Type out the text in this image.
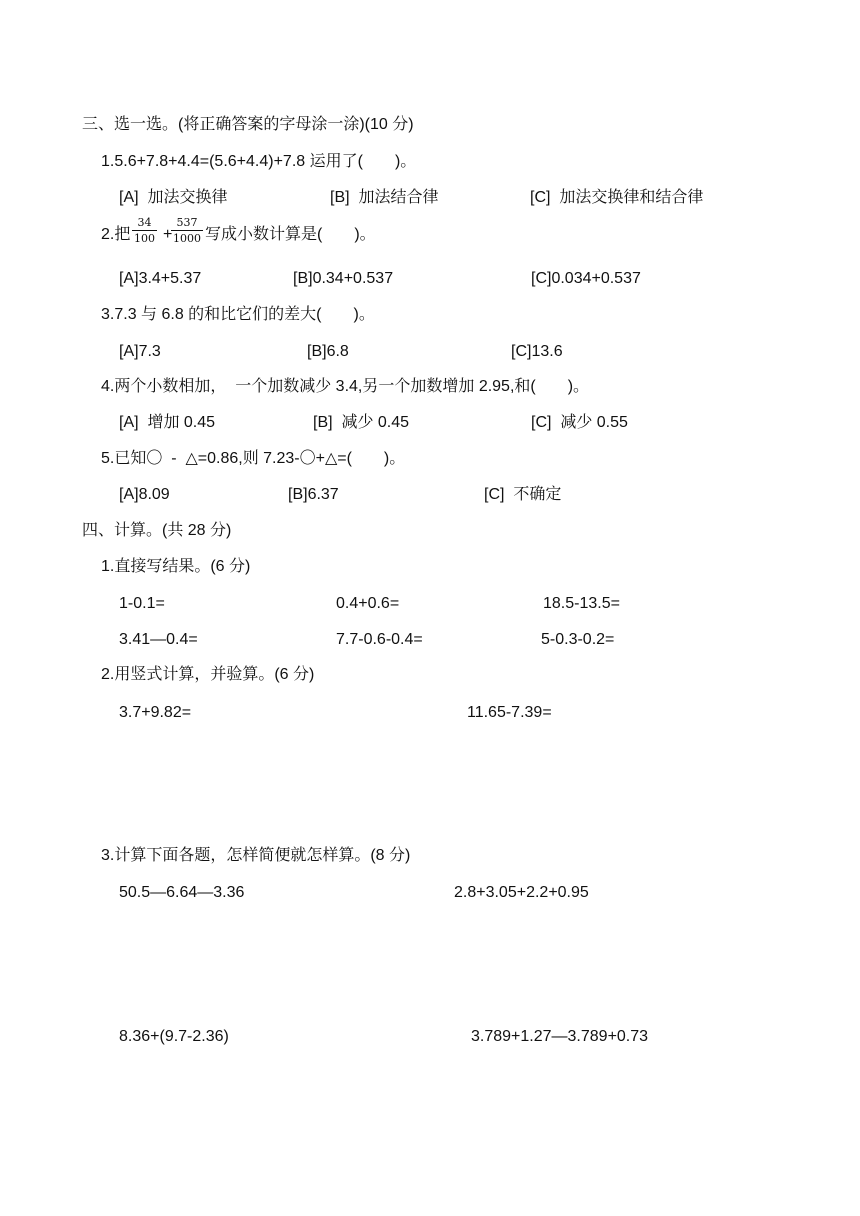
三、选一选。(将正确答案的字母涂一涂)(10 分)
1.5.6+7.8+4.4=(5.6+4.4)+7.8 运用了(　　)。
[A]  加法交换律	[B]  加法结合律	[C]  加法交换律和结合律
2.把 $\frac{34}{100}$ +
$\frac{537}{1000}$ 写成小数计算是(　　)。
[A]3.4+5.37	[B]0.34+0.537	[C]0.034+0.537
3.7.3 与 6.8 的和比它们的差大(　　)。
[A]7.3	[B]6.8	[C]13.6
4.两个小数相加，  一个加数减少 3.4,另一个加数增加 2.95,和(　　)。
[A]  增加 0.45	[B]  减少 0.45	[C]  减少 0.55
5.已知〇  -  △=0.86,则 7.23-〇+△=(　　)。
[A]8.09	[B]6.37	[C]  不确定
四、计算。(共 28 分)
1.直接写结果。(6 分)
1-0.1=	0.4+0.6=	18.5-13.5=
3.41—0.4=	7.7-0.6-0.4=	5-0.3-0.2=
2.用竖式计算，并验算。(6 分)
3.7+9.82=	11.65-7.39=
3.计算下面各题，怎样简便就怎样算。(8 分)
50.5—6.64—3.36	2.8+3.05+2.2+0.95
8.36+(9.7-2.36)	3.789+1.27—3.789+0.73
